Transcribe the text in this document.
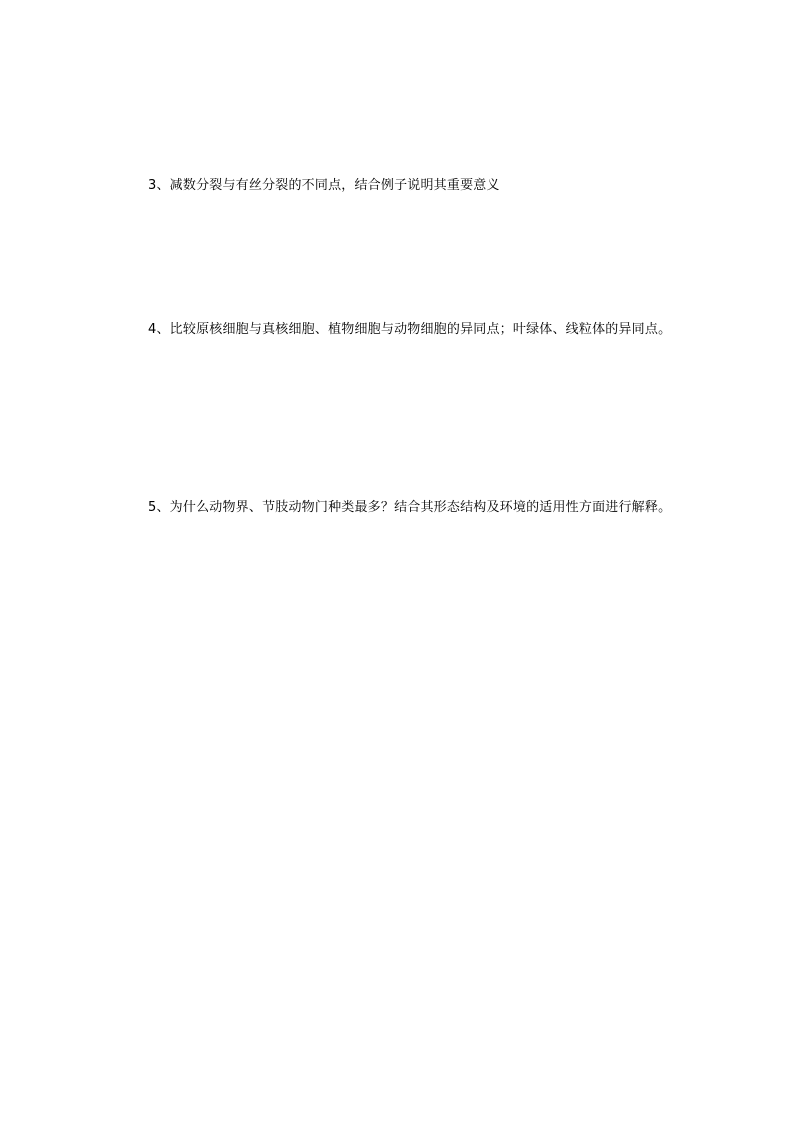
3、减数分裂与有丝分裂的不同点，结合例子说明其重要意义

4、比较原核细胞与真核细胞、植物细胞与动物细胞的异同点；叶绿体、线粒体的异同点。

5、为什么动物界、节肢动物门种类最多？结合其形态结构及环境的适用性方面进行解释。
